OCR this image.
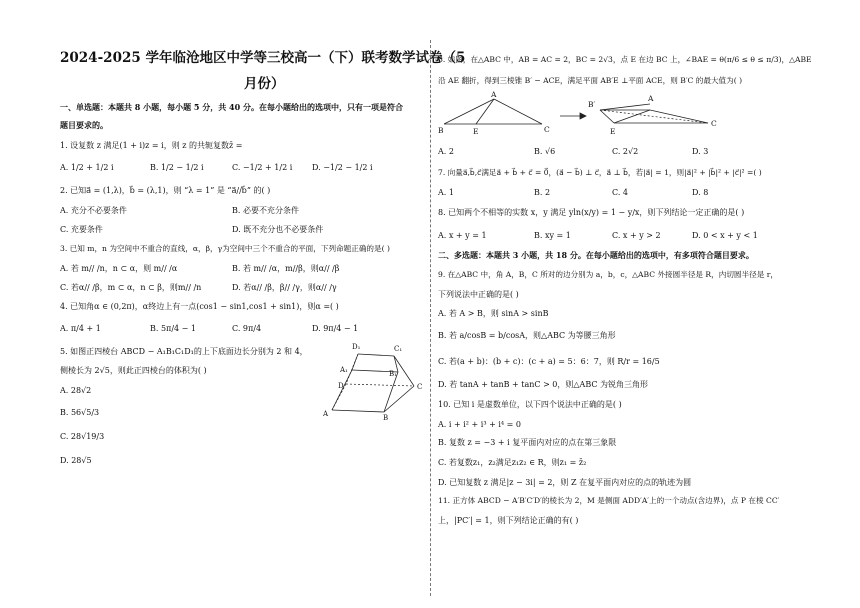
2024-2025 学年临沧地区中学等三校高一（下）联考数学试卷（5
月份）
一、单选题：本题共 8 小题，每小题 5 分，共 40 分。在每小题给出的选项中，只有一项是符合
题目要求的。
1. 设复数 z 满足(1 + i)z = i，则 z 的共轭复数z̄ =
A. 1/2 + 1/2 i	B. 1/2 − 1/2 i	C. −1/2 + 1/2 i D. −1/2 − 1/2 i
2. 已知a⃗ = (1,λ)，b⃗ = (λ,1)，则 “λ = 1” 是 “a⃗//b⃗” 的( )
A. 充分不必要条件	B. 必要不充分条件
C. 充要条件	D. 既不充分也不必要条件
3. 已知 m，n 为空间中不重合的直线，α，β，γ为空间中三个不重合的平面，下列命题正确的是( )
A. 若 m// /n，n ⊂ α，则 m// /α	B. 若 m// /α，m//β，则α// /β
C. 若α// /β，m ⊂ α，n ⊂ β，则m// /n	D. 若α// /β，β// /γ，则α// /γ
4. 已知角α ∈ (0,2π)，α终边上有一点(cos1 − sin1,cos1 + sin1)，则α =( )
A. π/4 + 1	B. 5π/4 − 1	C. 9π/4	D. 9π/4 − 1
5. 如图正四棱台 ABCD − A₁B₁C₁D₁的上下底面边长分别为 2 和 4，
侧棱长为 2√5，则此正四棱台的体积为( )
A. 28√2
B. 56√5/3
C. 28√19/3
D. 28√5
D₁	C₁
A₁	B₁
D	C
A	B
6. 如图，在△ABC 中，AB = AC = 2，BC = 2√3，点 E 在边 BC 上，∠BAE = θ(π/6 ≤ θ ≤ π/3)，△ABE
沿 AE 翻折，得到三棱锥 B′ − ACE，满足平面 AB′E ⊥平面 ACE，则 B′C 的最大值为( )
A
B	E	C
B′
A
E
C
A. 2	B. √6	C. 2√2	D. 3
7. 向量a⃗,b⃗,c⃗满足a⃗ + b⃗ + c⃗ = 0⃗，(a⃗ − b⃗) ⊥ c⃗，a⃗ ⊥ b⃗，若|a⃗| = 1，则|a⃗|² + |b⃗|² + |c⃗|² =( )
A. 1	B. 2	C. 4	D. 8
8. 已知两个不相等的实数 x，y 满足 yln(x/y) = 1 − y/x，则下列结论一定正确的是( )
A. x + y = 1	B. xy = 1	C. x + y > 2	D. 0 < x + y < 1
二、多选题：本题共 3 小题，共 18 分。在每小题给出的选项中，有多项符合题目要求。
9. 在△ABC 中，角 A，B，C 所对的边分别为 a，b，c，△ABC 外接圆半径是 R，内切圆半径是 r，
下列说法中正确的是( )
A. 若 A > B，则 sinA > sinB
B. 若 a/cosB = b/cosA，则△ABC 为等腰三角形
C. 若(a + b)：(b + c)：(c + a) = 5：6：7，则 R/r = 16/5
D. 若 tanA + tanB + tanC > 0，则△ABC 为锐角三角形
10. 已知 i 是虚数单位，以下四个说法中正确的是( )
A. i + i² + i³ + i⁴ = 0
B. 复数 z = −3 + i 复平面内对应的点在第三象限
C. 若复数z₁，z₂满足z₁z₂ ∈ R，则z₁ = z̄₂
D. 已知复数 z 满足|z − 3i| = 2，则 Z 在复平面内对应的点的轨迹为圆
11. 正方体 ABCD − A′B′C′D′的棱长为 2，M 是侧面 ADD′A′上的一个动点(含边界)，点 P 在棱 CC′
上，|PC′| = 1，则下列结论正确的有( )
